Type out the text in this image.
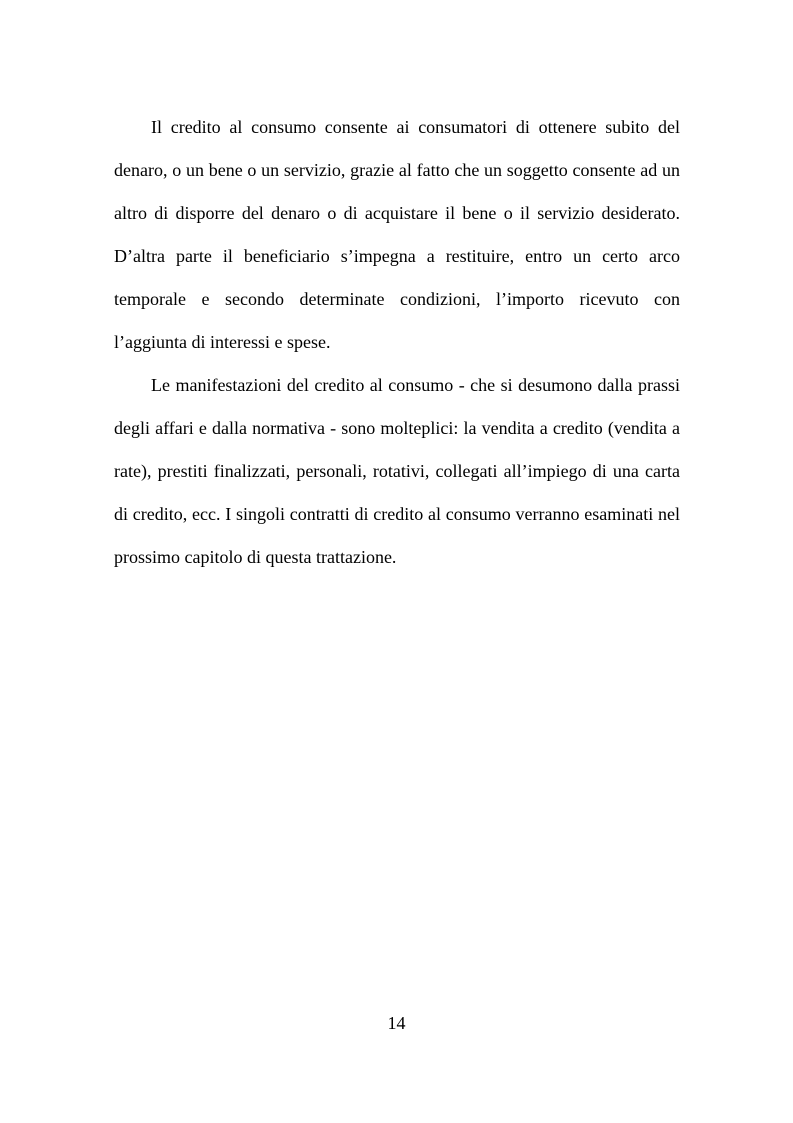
Il credito al consumo consente ai consumatori di ottenere subito del denaro, o un bene o un servizio, grazie al fatto che un soggetto consente ad un altro di disporre del denaro o di acquistare il bene o il servizio desiderato. D’altra parte il beneficiario s’impegna a restituire, entro un certo arco temporale e secondo determinate condizioni, l’importo ricevuto con l’aggiunta di interessi e spese.

Le manifestazioni del credito al consumo - che si desumono dalla prassi degli affari e dalla normativa - sono molteplici: la vendita a credito (vendita a rate), prestiti finalizzati, personali, rotativi, collegati all’impiego di una carta di credito, ecc. I singoli contratti di credito al consumo verranno esaminati nel prossimo capitolo di questa trattazione.

14
